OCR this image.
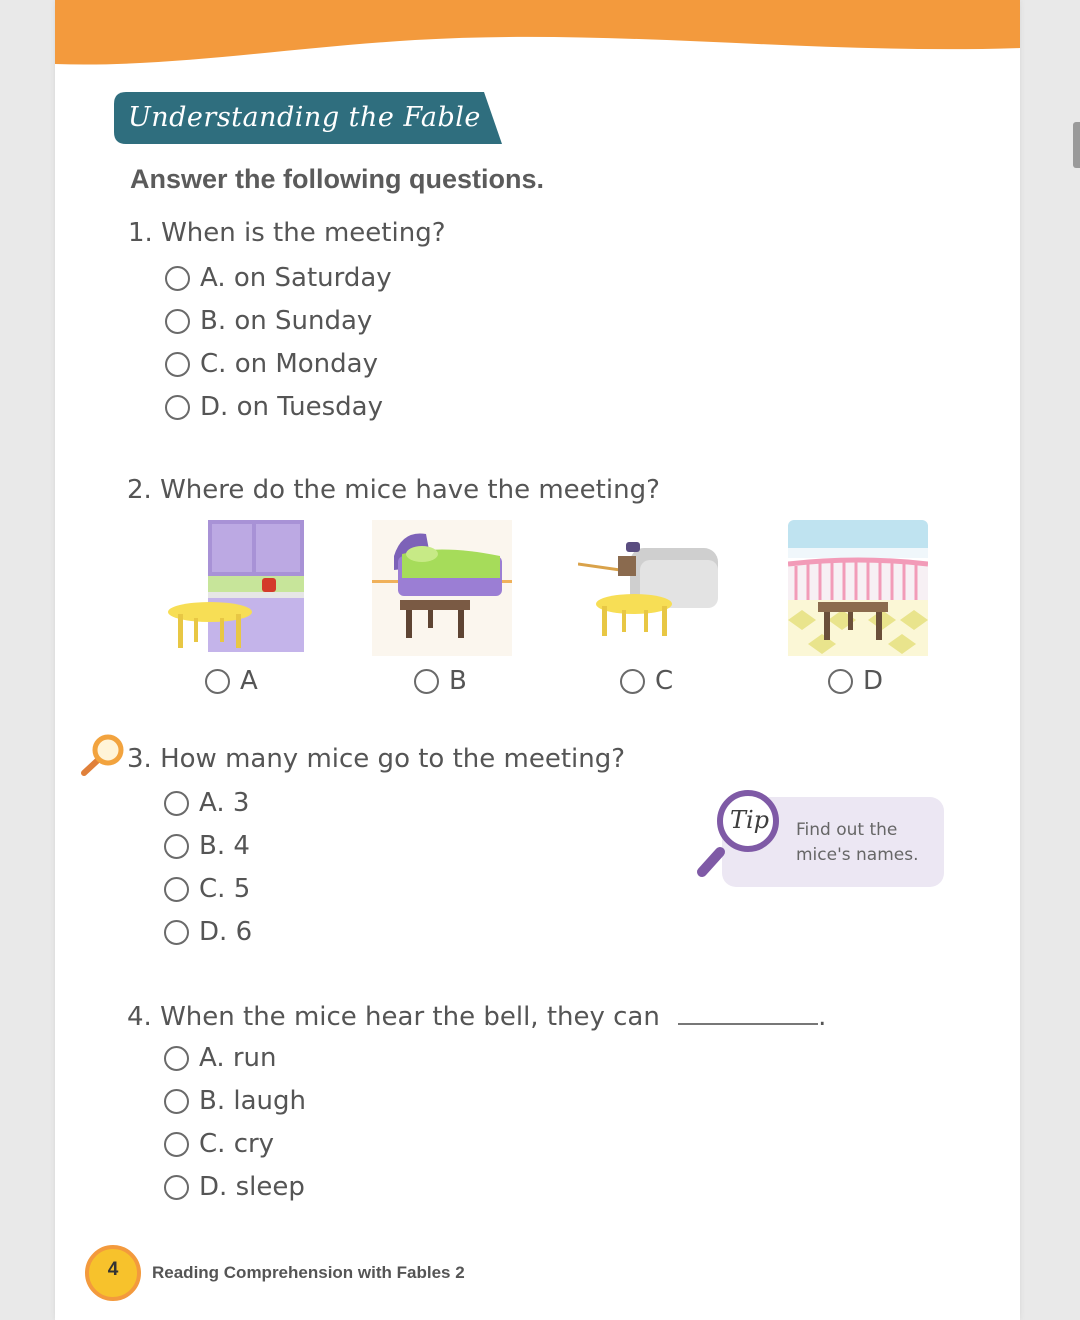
Understanding the Fable
Answer the following questions.
1. When is the meeting?
A.
on Saturday
B.
on Sunday
C.
on Monday
D.
on Tuesday
2. Where do the mice have the meeting?
A	B	C	D
3. How many mice go to the meeting?
A.
3
B.
4
C.
5
D.
6
Tip Find out the mice's names.
4. When the mice hear the bell, they can	.
A.
run
B.
laugh
C.
cry
D.
sleep
4	Reading Comprehension with Fables 2
